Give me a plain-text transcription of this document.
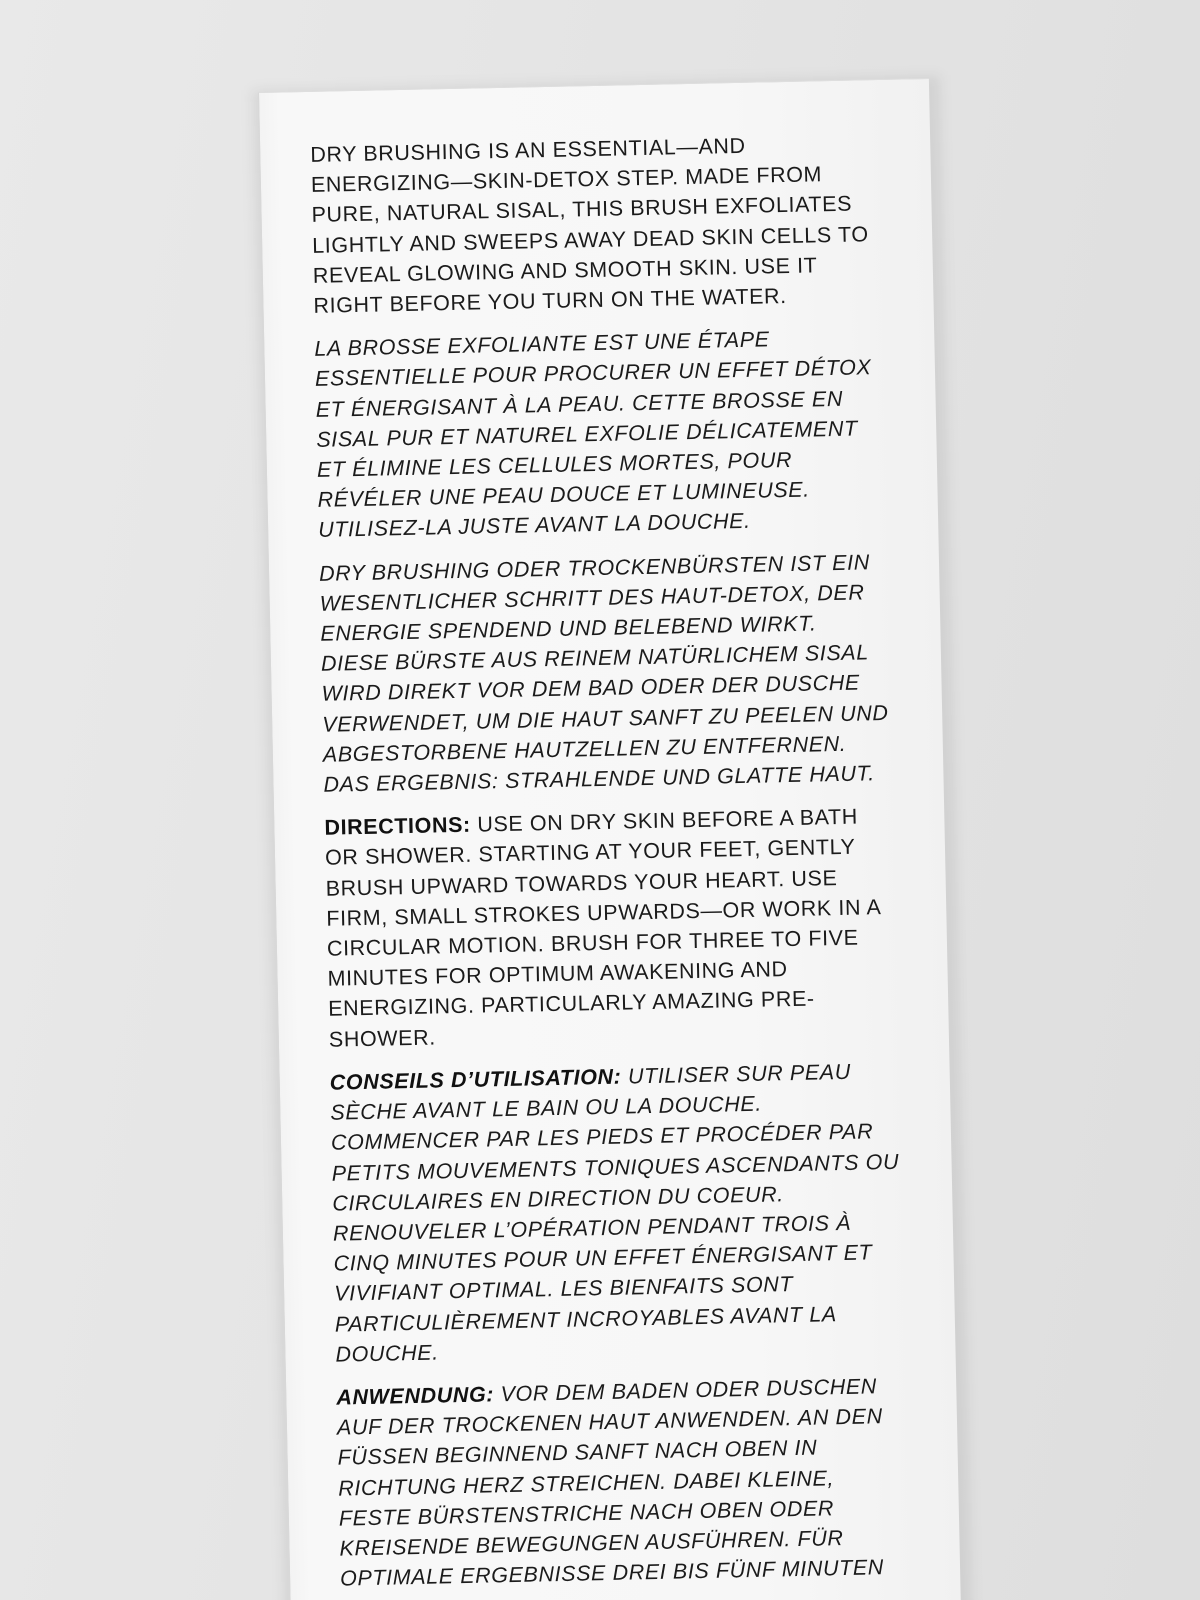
DRY BRUSHING IS AN ESSENTIAL—AND ENERGIZING—SKIN-DETOX STEP. MADE FROM PURE, NATURAL SISAL, THIS BRUSH EXFOLIATES LIGHTLY AND SWEEPS AWAY DEAD SKIN CELLS TO REVEAL GLOWING AND SMOOTH SKIN. USE IT RIGHT BEFORE YOU TURN ON THE WATER.

LA BROSSE EXFOLIANTE EST UNE ÉTAPE ESSENTIELLE POUR PROCURER UN EFFET DÉTOX ET ÉNERGISANT À LA PEAU. CETTE BROSSE EN SISAL PUR ET NATUREL EXFOLIE DÉLICATEMENT ET ÉLIMINE LES CELLULES MORTES, POUR RÉVÉLER UNE PEAU DOUCE ET LUMINEUSE. UTILISEZ-LA JUSTE AVANT LA DOUCHE.

DRY BRUSHING ODER TROCKENBÜRSTEN IST EIN WESENTLICHER SCHRITT DES HAUT-DETOX, DER ENERGIE SPENDEND UND BELEBEND WIRKT. DIESE BÜRSTE AUS REINEM NATÜRLICHEM SISAL WIRD DIREKT VOR DEM BAD ODER DER DUSCHE VERWENDET, UM DIE HAUT SANFT ZU PEELEN UND ABGESTORBENE HAUTZELLEN ZU ENTFERNEN. DAS ERGEBNIS: STRAHLENDE UND GLATTE HAUT.

DIRECTIONS: USE ON DRY SKIN BEFORE A BATH OR SHOWER. STARTING AT YOUR FEET, GENTLY BRUSH UPWARD TOWARDS YOUR HEART. USE FIRM, SMALL STROKES UPWARDS—OR WORK IN A CIRCULAR MOTION. BRUSH FOR THREE TO FIVE MINUTES FOR OPTIMUM AWAKENING AND ENERGIZING. PARTICULARLY AMAZING PRE-SHOWER.

CONSEILS D’UTILISATION: UTILISER SUR PEAU SÈCHE AVANT LE BAIN OU LA DOUCHE. COMMENCER PAR LES PIEDS ET PROCÉDER PAR PETITS MOUVEMENTS TONIQUES ASCENDANTS OU CIRCULAIRES EN DIRECTION DU COEUR. RENOUVELER L’OPÉRATION PENDANT TROIS À CINQ MINUTES POUR UN EFFET ÉNERGISANT ET VIVIFIANT OPTIMAL. LES BIENFAITS SONT PARTICULIÈREMENT INCROYABLES AVANT LA DOUCHE.

ANWENDUNG: VOR DEM BADEN ODER DUSCHEN AUF DER TROCKENEN HAUT ANWENDEN. AN DEN FÜSSEN BEGINNEND SANFT NACH OBEN IN RICHTUNG HERZ STREICHEN. DABEI KLEINE, FESTE BÜRSTENSTRICHE NACH OBEN ODER KREISENDE BEWEGUNGEN AUSFÜHREN. FÜR OPTIMALE ERGEBNISSE DREI BIS FÜNF MINUTEN
